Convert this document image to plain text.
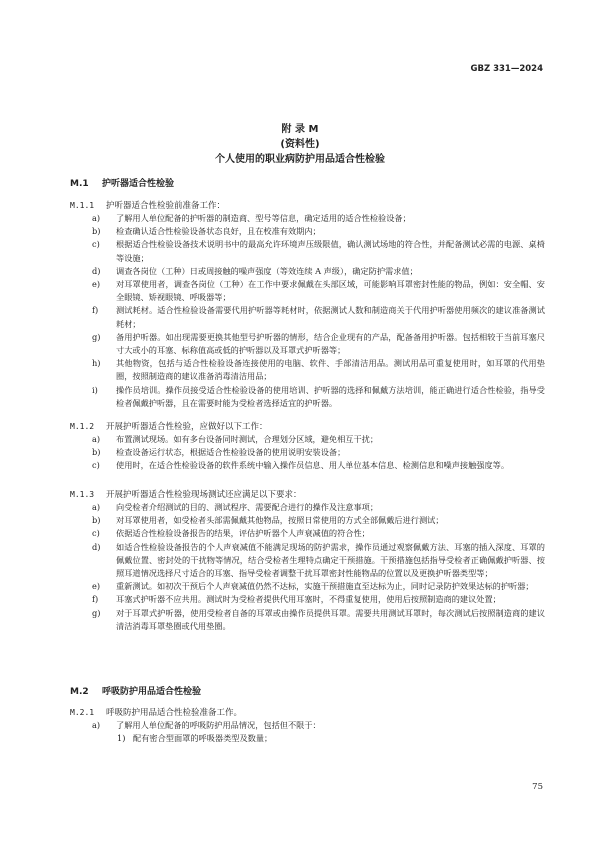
GBZ 331—2024
附 录 M
(资料性)
个人使用的职业病防护用品适合性检验
M.1 护听器适合性检验
M.1.1 护听器适合性检验前准备工作：
a) 了解用人单位配备的护听器的制造商、型号等信息，确定适用的适合性检验设备；
b) 检查确认适合性检验设备状态良好，且在校准有效期内；
c) 根据适合性检验设备技术说明书中的最高允许环境声压级限值，确认测试场地的符合性，并配备测试必需的电源、桌椅等设施；
d) 调查各岗位（工种）日或周接触的噪声强度（等效连续 A 声级），确定防护需求值；
e) 对耳罩使用者，调查各岗位（工种）在工作中要求佩戴在头部区域，可能影响耳罩密封性能的物品，例如：安全帽、安全眼镜、矫视眼镜、呼吸器等；
f) 测试耗材。适合性检验设备需要代用护听器等耗材时，依据测试人数和制造商关于代用护听器使用频次的建议准备测试耗材；
g) 备用护听器。如出现需要更换其他型号护听器的情形，结合企业现有的产品，配备备用护听器。包括相较于当前耳塞尺寸大或小的耳塞、标称值高或低的护听器以及耳罩式护听器等；
h) 其他物资，包括与适合性检验设备连接使用的电脑、软件、手部清洁用品。测试用品可重复使用时，如耳罩的代用垫圈，按照制造商的建议准备消毒清洁用品；
i) 操作员培训。操作员接受适合性检验设备的使用培训、护听器的选择和佩戴方法培训，能正确进行适合性检验，指导受检者佩戴护听器，且在需要时能为受检者选择适宜的护听器。
M.1.2 开展护听器适合性检验，应做好以下工作：
a) 布置测试现场。如有多台设备同时测试，合理划分区域，避免相互干扰；
b) 检查设备运行状态，根据适合性检验设备的使用说明安装设备；
c) 使用时，在适合性检验设备的软件系统中输入操作员信息、用人单位基本信息、检测信息和噪声接触强度等。
M.1.3 开展护听器适合性检验现场测试还应满足以下要求：
a) 向受检者介绍测试的目的、测试程序、需要配合进行的操作及注意事项；
b) 对耳罩使用者，如受检者头部需佩戴其他物品，按照日常使用的方式全部佩戴后进行测试；
c) 依据适合性检验设备报告的结果，评估护听器个人声衰减值的符合性；
d) 如适合性检验设备报告的个人声衰减值不能满足现场的防护需求，操作员通过观察佩戴方法、耳塞的插入深度、耳罩的佩戴位置、密封处的干扰物等情况，结合受检者生理特点确定干预措施。干预措施包括指导受检者正确佩戴护听器、按照耳道情况选择尺寸适合的耳塞、指导受检者调整干扰耳罩密封性能物品的位置以及更换护听器类型等；
e) 重新测试。如初次干预后个人声衰减值仍然不达标，实施干预措施直至达标为止，同时记录防护效果达标的护听器；
f) 耳塞式护听器不应共用。测试时为受检者提供代用耳塞时，不得重复使用，使用后按照制造商的建议处置；
g) 对于耳罩式护听器，使用受检者自备的耳罩或由操作员提供耳罩。需要共用测试耳罩时，每次测试后按照制造商的建议清洁消毒耳罩垫圈或代用垫圈。
M.2 呼吸防护用品适合性检验
M.2.1 呼吸防护用品适合性检验准备工作。
a) 了解用人单位配备的呼吸防护用品情况，包括但不限于：
1) 配有密合型面罩的呼吸器类型及数量；
75
